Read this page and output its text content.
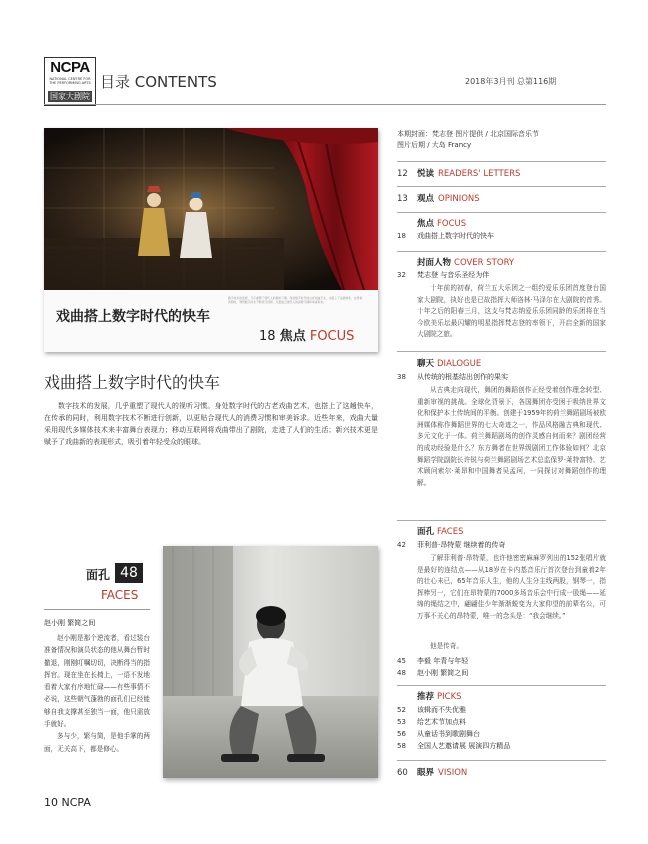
NCPA
NATIONAL CENTRE FOR THE PERFORMING ARTS
国家大剧院
目录 CONTENTS	2018年3月刊 总第116期
戏曲搭上数字时代的快车
数字技术的发展，几乎重塑了现代人的视听习惯。身处数字时代的古老戏曲艺术，也搭上了这趟快车，在传承的同时，利用数字技术不断进行创新，以更贴合现代人的消费习惯和审美诉求。
18 焦点 FOCUS
戏曲搭上数字时代的快车
数字技术的发展，几乎重塑了现代人的视听习惯。身处数字时代的古老戏曲艺术，也搭上了这趟快车，在传承的同时，利用数字技术不断进行创新，以更贴合现代人的消费习惯和审美诉求。近些年来，戏曲大量采用现代多媒体技术来丰富舞台表现力；移动互联网将戏曲带出了剧院，走进了人们的生活；新兴技术更是赋予了戏曲新的表现形式，吸引着年轻受众的眼球。
面孔 48
FACES
赵小刚 繁简之间

赵小刚是那个逆流者，看过装台准备情况和演员状态的他从舞台暂时撤退，刚刚叮嘱切切，决断得当的指挥官。现在坐在长椅上，一语不发地看着大家有序地忙碌——有些事情不必说，这些朝气蓬勃的面孔们已经能够自我支撑甚至独当一面，他只需放手就好。

多与少，繁与简，是他手掌的两面，无关高下，都是修心。

本期封面：梵志登 图片提供 / 北京国际音乐节
图片后期 / 大岛 Francy
12 悦读 READERS' LETTERS
13 观点 OPINIONS
焦点 FOCUS
18 戏曲搭上数字时代的快车
封面人物 COVER STORY
32 梵志登 与音乐圣经为伴
十年前的初春，荷兰五大乐团之一组约爱乐乐团首度登台国家大剧院，执好也是已故指挥大师洛林·马泽尔在大剧院的首秀。十年之后的阳春三月，这支与梵志纳爱乐乐团同龄的乐团将在当今欧美乐坛最闪耀的明星指挥梵志登的率领下，开启全新的国家大剧院之旅。
聊天 DIALOGUE
38 从传统的根基结出创作的果实
从古典走向现代，舞团的舞蹈创作正经受着创作理念转型、重新审视的挑战。全球化背景下，各国舞团亦受困于吸纳世界文化和保护本土传统间的平衡。创建于1959年的荷兰舞蹈剧场被欧洲媒体称作舞蹈世界的七大奇迹之一，作品风格融古典和现代、多元文化于一体。荷兰舞蹈剧场的创作灵感自何而来？剧团经营的成功经验是什么？东方舞者在世界级剧团工作体验如何？北京舞蹈学院副院长许锐与荷兰舞蹈剧场艺术总监保罗·莱特富特、艺术顾问索尔·莱昂和中国舞者吴孟珂，一同探讨对舞蹈创作的理解。
面孔 FACES
42 菲利普·昂特蒙 继续着的传奇
了解菲利普·昂特蒙，也许他密密麻麻罗列出的152张唱片就是最好的连结点——从18岁在卡内基音乐厅首次登台到童着2年的壮心未已，65年音乐人生，他的人生分主线两股，钢琴一，指挥棒另一，它们在昂特蒙的7000多场音乐会中行成一股绳——延绵的绳结之中，翩翩佳少年渐渐蜕变为大家仰望的前辈名公，可万事不关心的昂特蒙，唯一的念头是：“我会继续。”
他是传奇。
45 李毅 年青与年轻
48 赵小刚 繁简之间
推荐 PICKS
52 该辑而不失优雅
53 给艺术节加点料
56 从童话书到歌剧舞台
58 全国人艺邀请展 展演四方精品
60 眼界 VISION
10 NCPA
